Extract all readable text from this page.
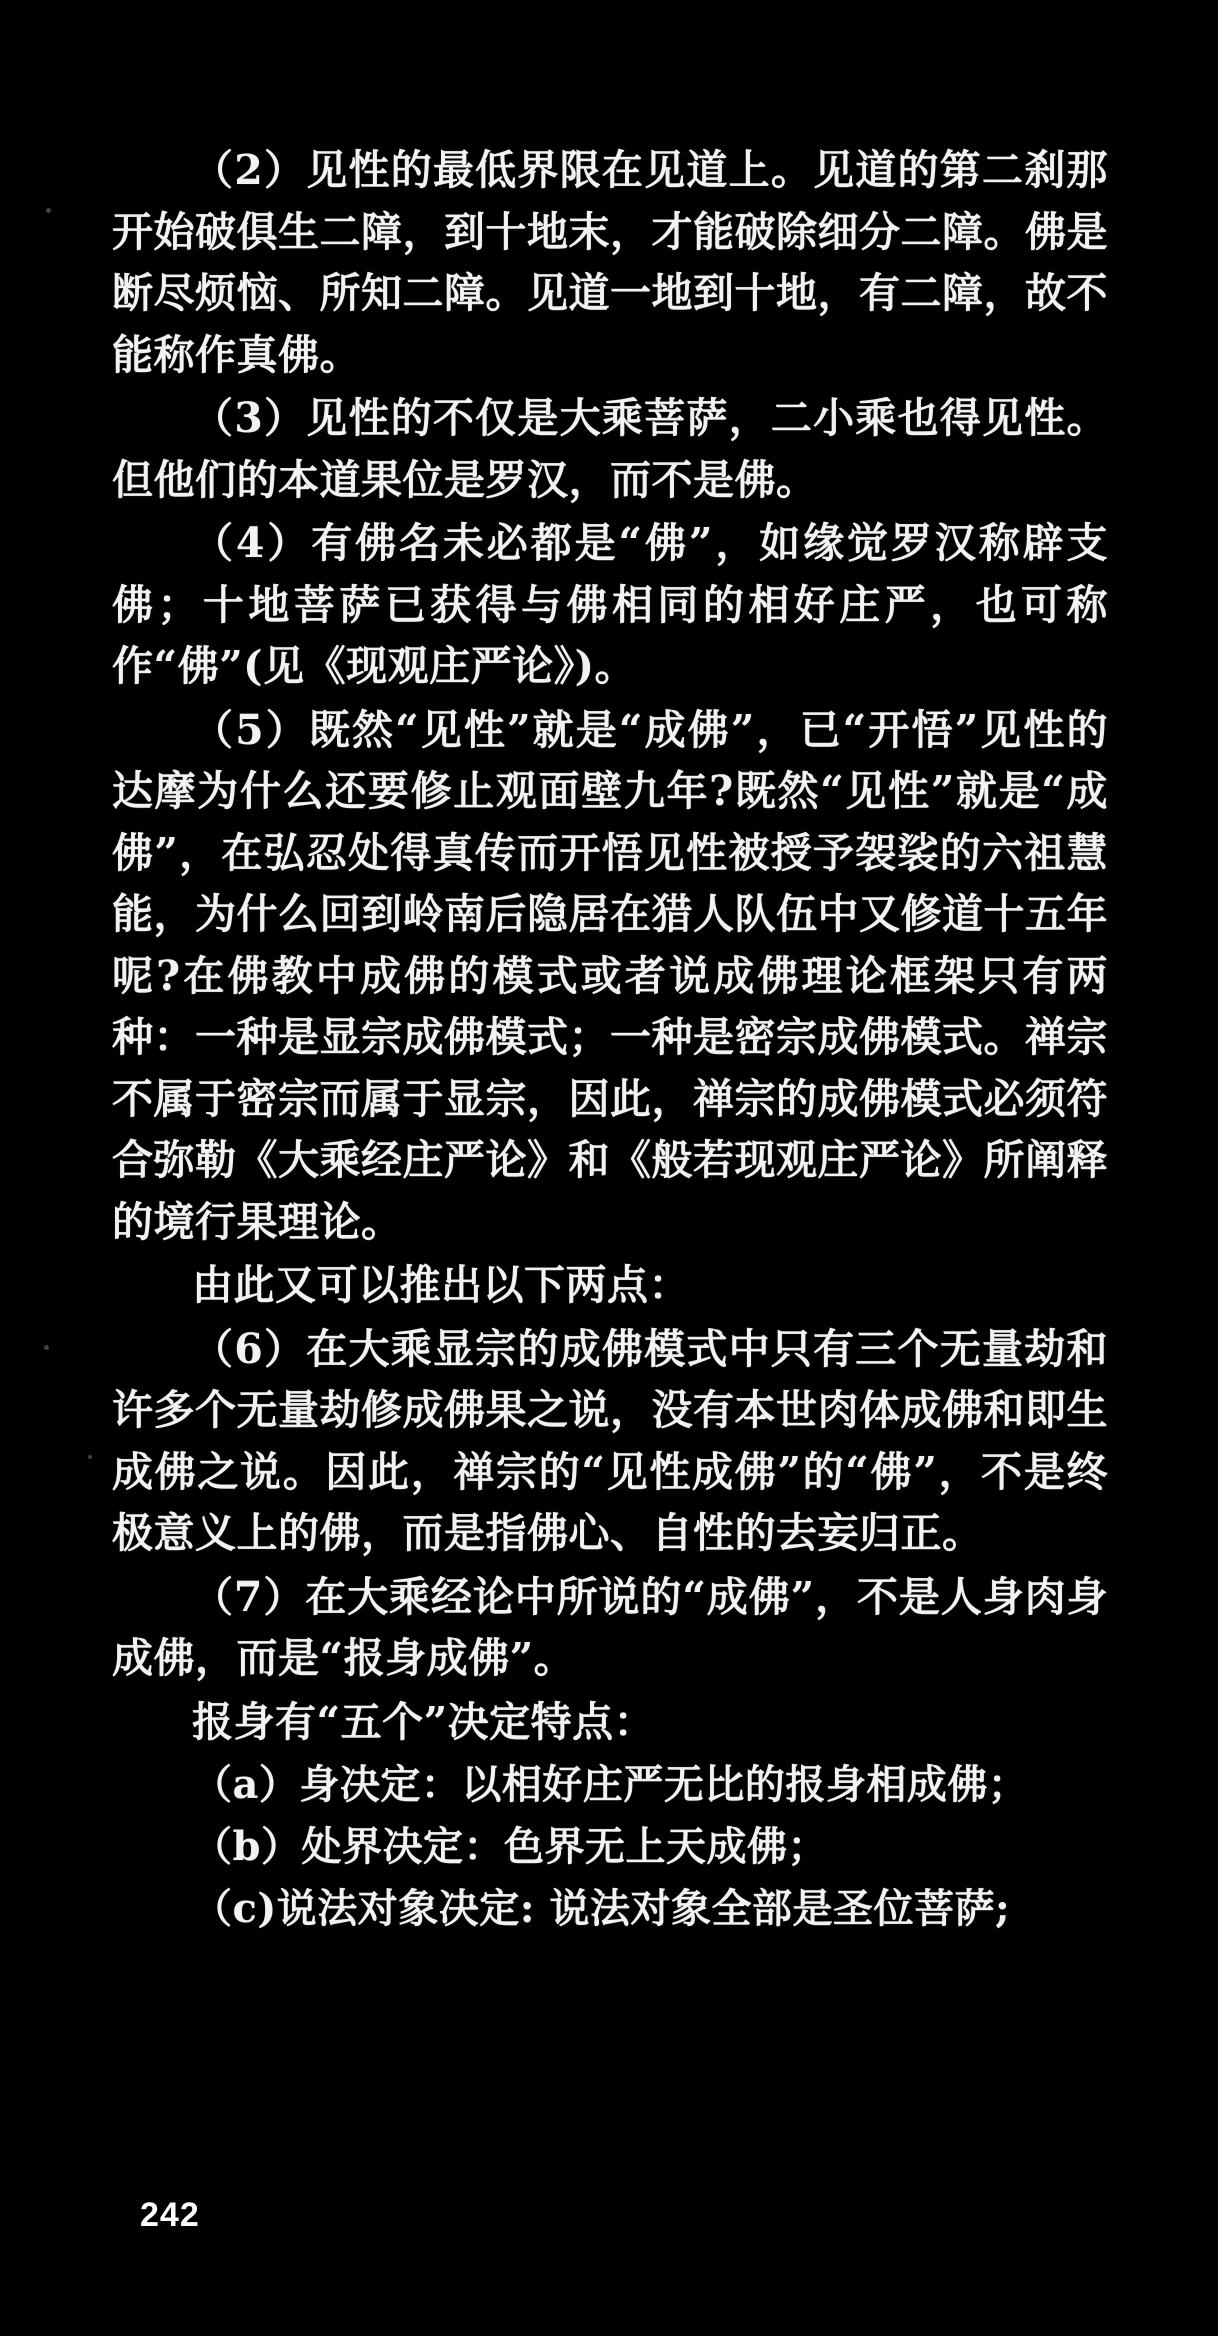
（2）见性的最低界限在见道上。见道的第二刹那开始破俱生二障，到十地末，才能破除细分二障。佛是断尽烦恼、所知二障。见道一地到十地，有二障，故不能称作真佛。

（3）见性的不仅是大乘菩萨，二小乘也得见性。但他们的本道果位是罗汉，而不是佛。

（4）有佛名未必都是“佛”，如缘觉罗汉称辟支佛；十地菩萨已获得与佛相同的相好庄严，也可称作“佛”(见《现观庄严论》)。

（5）既然“见性”就是“成佛”，已“开悟”见性的达摩为什么还要修止观面壁九年?既然“见性”就是“成佛”，在弘忍处得真传而开悟见性被授予袈裟的六祖慧能，为什么回到岭南后隐居在猎人队伍中又修道十五年呢?在佛教中成佛的模式或者说成佛理论框架只有两种：一种是显宗成佛模式；一种是密宗成佛模式。禅宗不属于密宗而属于显宗，因此，禅宗的成佛模式必须符合弥勒《大乘经庄严论》和《般若现观庄严论》所阐释的境行果理论。

由此又可以推出以下两点：

（6）在大乘显宗的成佛模式中只有三个无量劫和许多个无量劫修成佛果之说，没有本世肉体成佛和即生成佛之说。因此，禅宗的“见性成佛”的“佛”，不是终极意义上的佛，而是指佛心、自性的去妄归正。

（7）在大乘经论中所说的“成佛”，不是人身肉身成佛，而是“报身成佛”。

报身有“五个”决定特点：

（a）身决定：以相好庄严无比的报身相成佛；

（b）处界决定：色界无上天成佛；

（c)说法对象决定: 说法对象全部是圣位菩萨;

242
